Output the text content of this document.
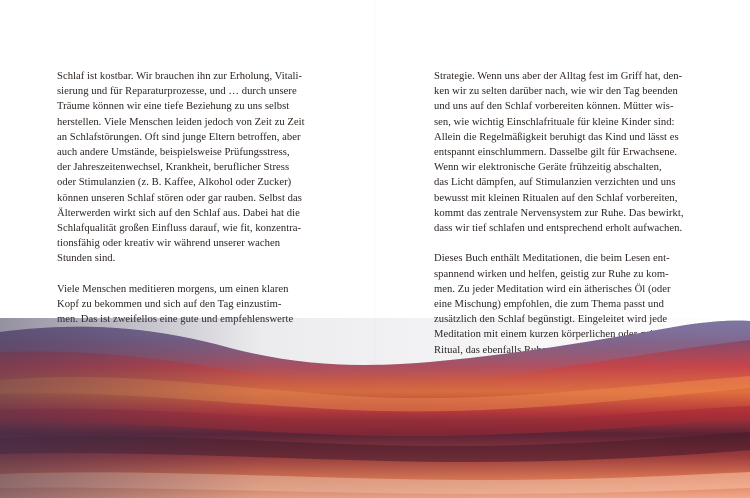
Schlaf ist kostbar. Wir brauchen ihn zur Erholung, Vitali-
sierung und für Reparaturprozesse, und … durch unsere
Träume können wir eine tiefe Beziehung zu uns selbst
herstellen. Viele Menschen leiden jedoch von Zeit zu Zeit
an Schlafstörungen. Oft sind junge Eltern betroffen, aber
auch andere Umstände, beispielsweise Prüfungsstress,
der Jahreszeitenwechsel, Krankheit, beruflicher Stress
oder Stimulanzien (z. B. Kaffee, Alkohol oder Zucker)
können unseren Schlaf stören oder gar rauben. Selbst das
Älterwerden wirkt sich auf den Schlaf aus. Dabei hat die
Schlafqualität großen Einfluss darauf, wie fit, konzentra-
tionsfähig oder kreativ wir während unserer wachen
Stunden sind.

Viele Menschen meditieren morgens, um einen klaren
Kopf zu bekommen und sich auf den Tag einzustim-

Strategie. Wenn uns aber der Alltag fest im Griff hat, den-
ken wir zu selten darüber nach, wie wir den Tag beenden
und uns auf den Schlaf vorbereiten können. Mütter wis-
sen, wie wichtig Einschlafrituale für kleine Kinder sind:
Allein die Regelmäßigkeit beruhigt das Kind und lässt es
entspannt einschlummern. Dasselbe gilt für Erwachsene.
Wenn wir elektronische Geräte frühzeitig abschalten,
das Licht dämpfen, auf Stimulanzien verzichten und uns
bewusst mit kleinen Ritualen auf den Schlaf vorbereiten,
kommt das zentrale Nervensystem zur Ruhe. Das bewirkt,
dass wir tief schlafen und entsprechend erholt aufwachen.

Dieses Buch enthält Meditationen, die beim Lesen ent-
spannend wirken und helfen, geistig zur Ruhe zu kom-
men. Zu jeder Meditation wird ein ätherisches Öl (oder
eine Mischung) empfohlen, die zum Thema passt und
